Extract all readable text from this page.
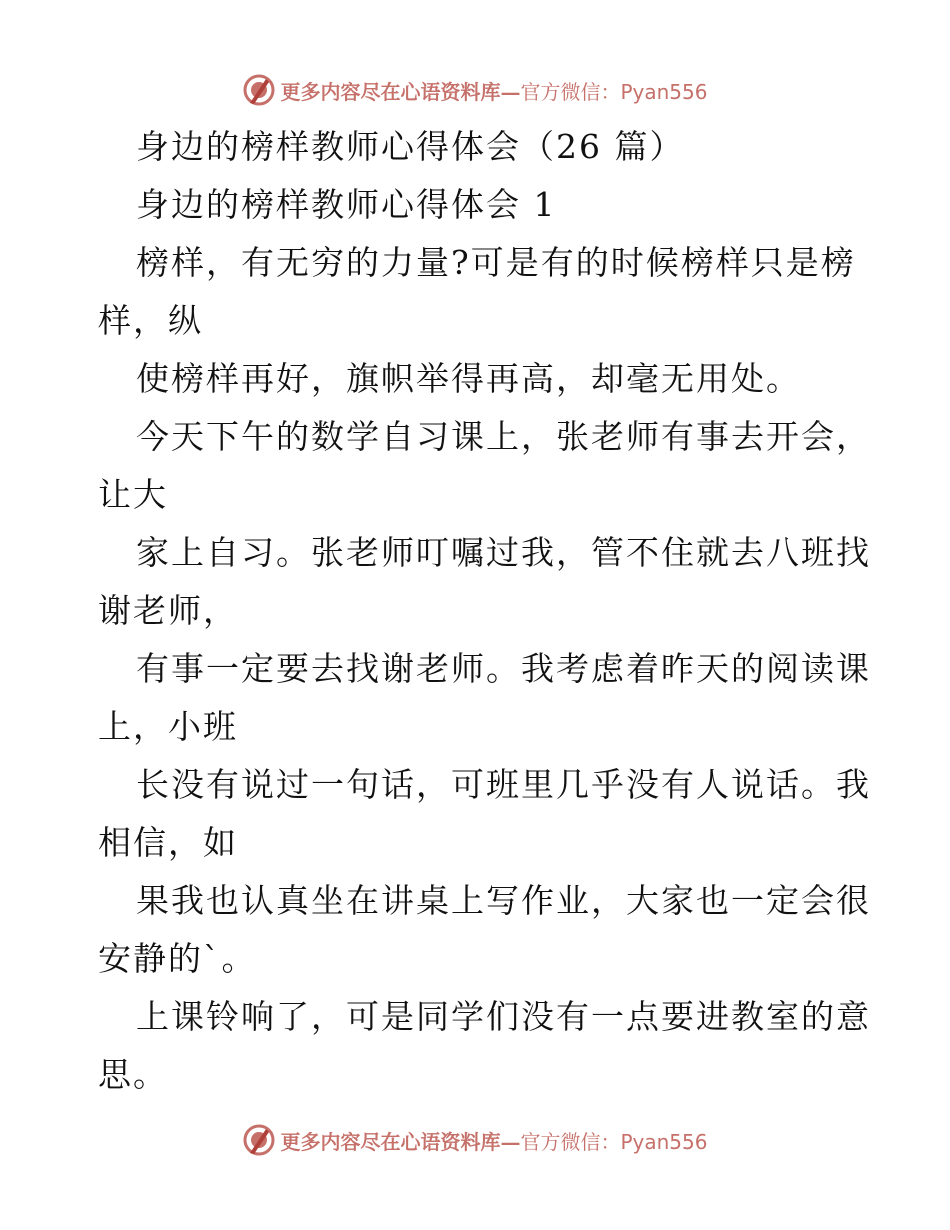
更多内容尽在心语资料库— 官方微信：Pyan556
身边的榜样教师心得体会（26 篇）
身边的榜样教师心得体会 1
榜样，有无穷的力量?可是有的时候榜样只是榜
样，纵
使榜样再好，旗帜举得再高，却毫无用处。
今天下午的数学自习课上，张老师有事去开会，
让大
家上自习。张老师叮嘱过我，管不住就去八班找
谢老师，
有事一定要去找谢老师。我考虑着昨天的阅读课
上，小班
长没有说过一句话，可班里几乎没有人说话。我
相信，如
果我也认真坐在讲桌上写作业，大家也一定会很
安静的`。
上课铃响了，可是同学们没有一点要进教室的意
思。
更多内容尽在心语资料库— 官方微信：Pyan556
